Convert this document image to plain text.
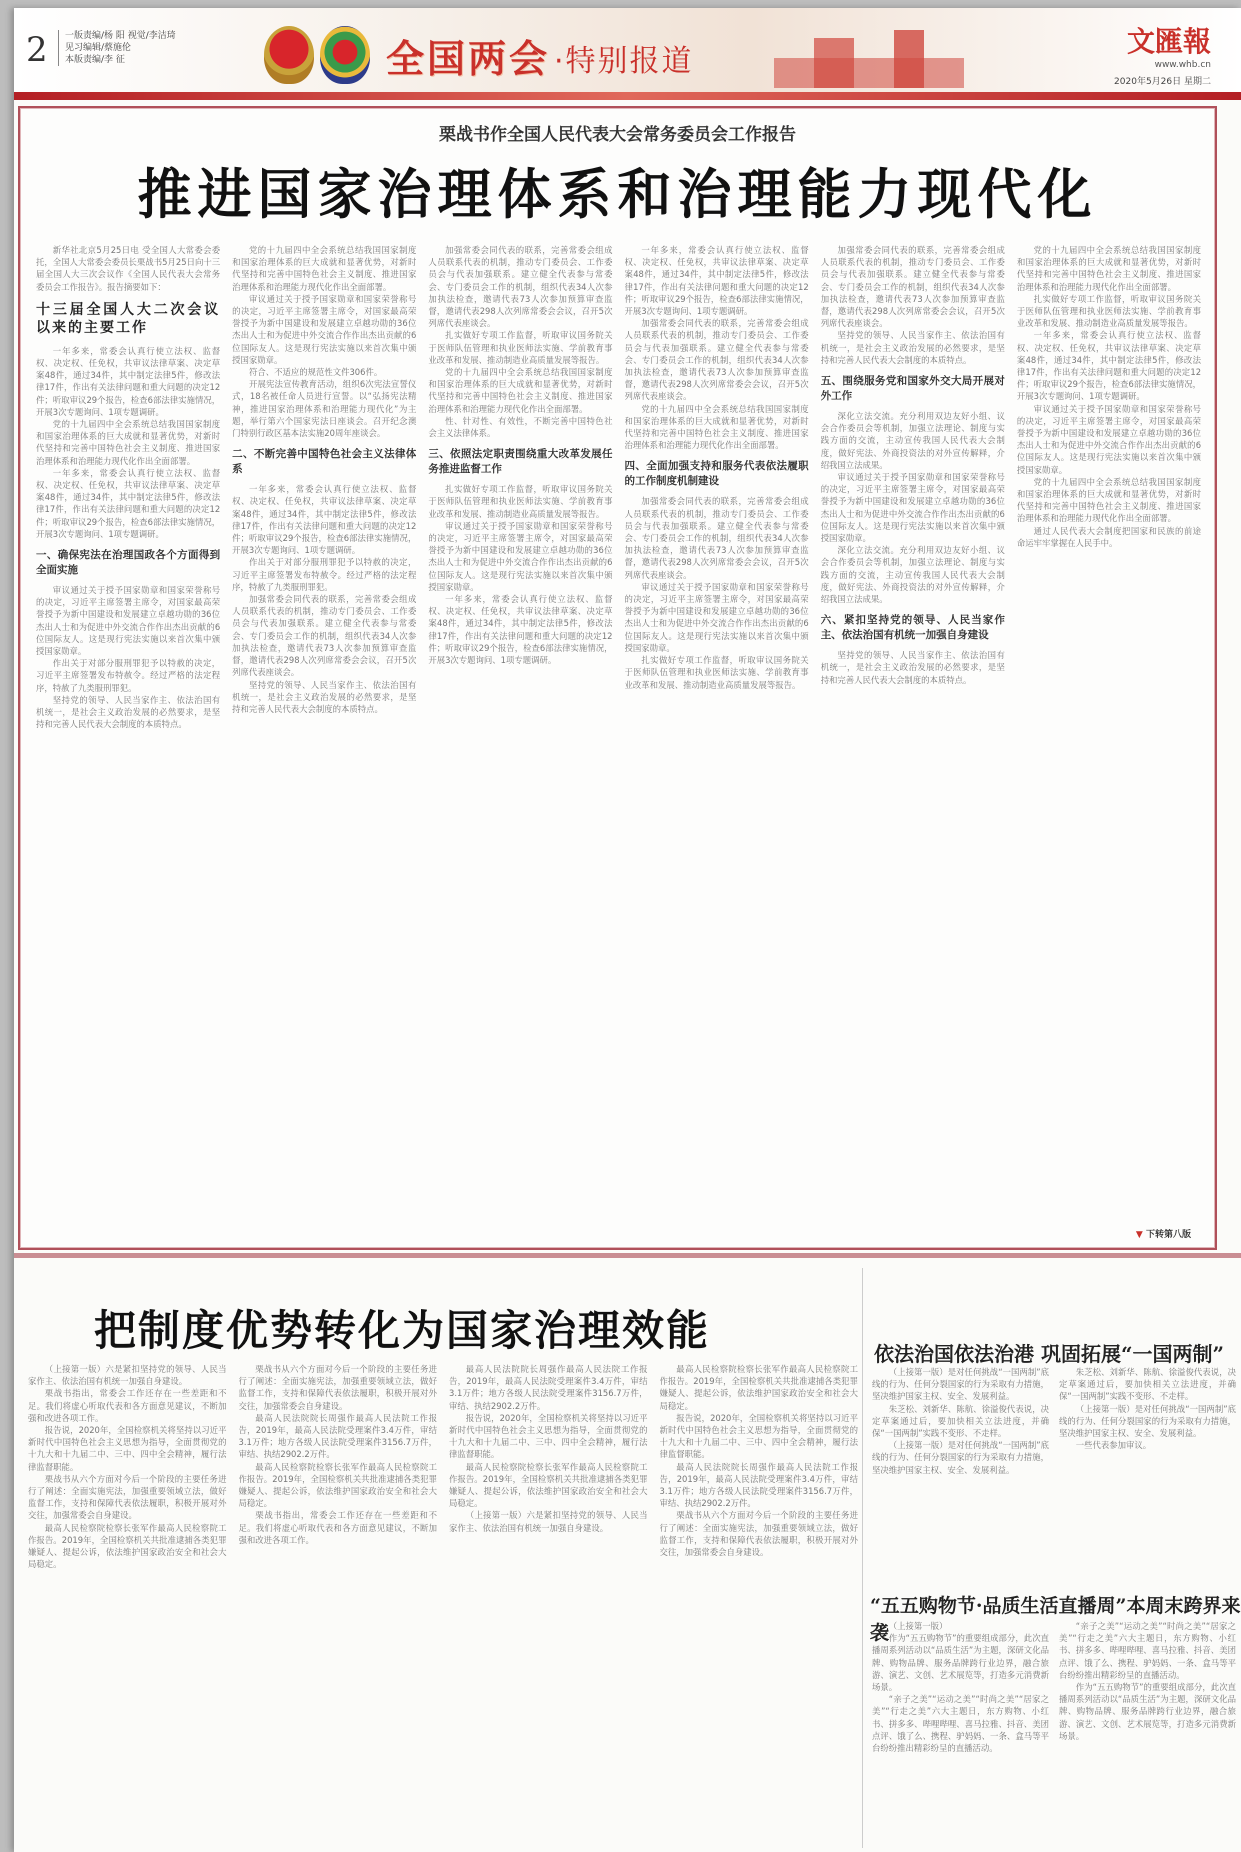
2 一版责编/杨 阳 视觉/李洁琦
见习编辑/蔡施伦
本版责编/李 征	全国两会 ·特别报道
文匯報
www.whb.cn
2020年5月26日 星期二
栗战书作全国人民代表大会常务委员会工作报告
推进国家治理体系和治理能力现代化

新华社北京5月25日电 受全国人大常委会委托，全国人大常委会委员长栗战书5月25日向十三届全国人大三次会议作《全国人民代表大会常务委员会工作报告》。报告摘要如下：

十三届全国人大二次会议以来的主要工作

一年多来，常委会认真行使立法权、监督权、决定权、任免权，共审议法律草案、决定草案48件，通过34件，其中制定法律5件，修改法律17件，作出有关法律问题和重大问题的决定12件；听取审议29个报告，检查6部法律实施情况，开展3次专题询问、1项专题调研。

党的十九届四中全会系统总结我国国家制度和国家治理体系的巨大成就和显著优势，对新时代坚持和完善中国特色社会主义制度、推进国家治理体系和治理能力现代化作出全面部署。

一年多来，常委会认真行使立法权、监督权、决定权、任免权，共审议法律草案、决定草案48件，通过34件，其中制定法律5件，修改法律17件，作出有关法律问题和重大问题的决定12件；听取审议29个报告，检查6部法律实施情况，开展3次专题询问、1项专题调研。

一、确保宪法在治理国政各个方面得到全面实施

审议通过关于授予国家勋章和国家荣誉称号的决定，习近平主席签署主席令，对国家最高荣誉授予为新中国建设和发展建立卓越功勋的36位杰出人士和为促进中外交流合作作出杰出贡献的6位国际友人。这是现行宪法实施以来首次集中颁授国家勋章。

作出关于对部分服刑罪犯予以特赦的决定，习近平主席签署发布特赦令。经过严格的法定程序，特赦了九类服刑罪犯。

坚持党的领导、人民当家作主、依法治国有机统一，是社会主义政治发展的必然要求，是坚持和完善人民代表大会制度的本质特点。

党的十九届四中全会系统总结我国国家制度和国家治理体系的巨大成就和显著优势，对新时代坚持和完善中国特色社会主义制度、推进国家治理体系和治理能力现代化作出全面部署。

审议通过关于授予国家勋章和国家荣誉称号的决定，习近平主席签署主席令，对国家最高荣誉授予为新中国建设和发展建立卓越功勋的36位杰出人士和为促进中外交流合作作出杰出贡献的6位国际友人。这是现行宪法实施以来首次集中颁授国家勋章。

符合、不适应的规范性文件306件。

开展宪法宣传教育活动，组织6次宪法宣誓仪式，18名被任命人员进行宣誓。以“弘扬宪法精神，推进国家治理体系和治理能力现代化”为主题，举行第六个国家宪法日座谈会。召开纪念澳门特别行政区基本法实施20周年座谈会。

二、不断完善中国特色社会主义法律体系

一年多来，常委会认真行使立法权、监督权、决定权、任免权，共审议法律草案、决定草案48件，通过34件，其中制定法律5件，修改法律17件，作出有关法律问题和重大问题的决定12件；听取审议29个报告，检查6部法律实施情况，开展3次专题询问、1项专题调研。

作出关于对部分服刑罪犯予以特赦的决定，习近平主席签署发布特赦令。经过严格的法定程序，特赦了九类服刑罪犯。

加强常委会同代表的联系，完善常委会组成人员联系代表的机制，推动专门委员会、工作委员会与代表加强联系。建立健全代表参与常委会、专门委员会工作的机制，组织代表34人次参加执法检查，邀请代表73人次参加预算审查监督，邀请代表298人次列席常委会会议，召开5次列席代表座谈会。

坚持党的领导、人民当家作主、依法治国有机统一，是社会主义政治发展的必然要求，是坚持和完善人民代表大会制度的本质特点。

加强常委会同代表的联系，完善常委会组成人员联系代表的机制，推动专门委员会、工作委员会与代表加强联系。建立健全代表参与常委会、专门委员会工作的机制，组织代表34人次参加执法检查，邀请代表73人次参加预算审查监督，邀请代表298人次列席常委会会议，召开5次列席代表座谈会。

扎实做好专项工作监督，听取审议国务院关于医师队伍管理和执业医师法实施、学前教育事业改革和发展、推动制造业高质量发展等报告。

党的十九届四中全会系统总结我国国家制度和国家治理体系的巨大成就和显著优势，对新时代坚持和完善中国特色社会主义制度、推进国家治理体系和治理能力现代化作出全面部署。

性、针对性、有效性，不断完善中国特色社会主义法律体系。

三、依照法定职责围绕重大改革发展任务推进监督工作

扎实做好专项工作监督，听取审议国务院关于医师队伍管理和执业医师法实施、学前教育事业改革和发展、推动制造业高质量发展等报告。

审议通过关于授予国家勋章和国家荣誉称号的决定，习近平主席签署主席令，对国家最高荣誉授予为新中国建设和发展建立卓越功勋的36位杰出人士和为促进中外交流合作作出杰出贡献的6位国际友人。这是现行宪法实施以来首次集中颁授国家勋章。

一年多来，常委会认真行使立法权、监督权、决定权、任免权，共审议法律草案、决定草案48件，通过34件，其中制定法律5件，修改法律17件，作出有关法律问题和重大问题的决定12件；听取审议29个报告，检查6部法律实施情况，开展3次专题询问、1项专题调研。

一年多来，常委会认真行使立法权、监督权、决定权、任免权，共审议法律草案、决定草案48件，通过34件，其中制定法律5件，修改法律17件，作出有关法律问题和重大问题的决定12件；听取审议29个报告，检查6部法律实施情况，开展3次专题询问、1项专题调研。

加强常委会同代表的联系，完善常委会组成人员联系代表的机制，推动专门委员会、工作委员会与代表加强联系。建立健全代表参与常委会、专门委员会工作的机制，组织代表34人次参加执法检查，邀请代表73人次参加预算审查监督，邀请代表298人次列席常委会会议，召开5次列席代表座谈会。

党的十九届四中全会系统总结我国国家制度和国家治理体系的巨大成就和显著优势，对新时代坚持和完善中国特色社会主义制度、推进国家治理体系和治理能力现代化作出全面部署。

四、全面加强支持和服务代表依法履职的工作制度机制建设

加强常委会同代表的联系，完善常委会组成人员联系代表的机制，推动专门委员会、工作委员会与代表加强联系。建立健全代表参与常委会、专门委员会工作的机制，组织代表34人次参加执法检查，邀请代表73人次参加预算审查监督，邀请代表298人次列席常委会会议，召开5次列席代表座谈会。

审议通过关于授予国家勋章和国家荣誉称号的决定，习近平主席签署主席令，对国家最高荣誉授予为新中国建设和发展建立卓越功勋的36位杰出人士和为促进中外交流合作作出杰出贡献的6位国际友人。这是现行宪法实施以来首次集中颁授国家勋章。

扎实做好专项工作监督，听取审议国务院关于医师队伍管理和执业医师法实施、学前教育事业改革和发展、推动制造业高质量发展等报告。

加强常委会同代表的联系，完善常委会组成人员联系代表的机制，推动专门委员会、工作委员会与代表加强联系。建立健全代表参与常委会、专门委员会工作的机制，组织代表34人次参加执法检查，邀请代表73人次参加预算审查监督，邀请代表298人次列席常委会会议，召开5次列席代表座谈会。

坚持党的领导、人民当家作主、依法治国有机统一，是社会主义政治发展的必然要求，是坚持和完善人民代表大会制度的本质特点。

五、围绕服务党和国家外交大局开展对外工作

深化立法交流。充分利用双边友好小组、议会合作委员会等机制，加强立法理论、制度与实践方面的交流，主动宣传我国人民代表大会制度，做好宪法、外商投资法的对外宣传解释，介绍我国立法成果。

审议通过关于授予国家勋章和国家荣誉称号的决定，习近平主席签署主席令，对国家最高荣誉授予为新中国建设和发展建立卓越功勋的36位杰出人士和为促进中外交流合作作出杰出贡献的6位国际友人。这是现行宪法实施以来首次集中颁授国家勋章。

深化立法交流。充分利用双边友好小组、议会合作委员会等机制，加强立法理论、制度与实践方面的交流，主动宣传我国人民代表大会制度，做好宪法、外商投资法的对外宣传解释，介绍我国立法成果。

六、紧扣坚持党的领导、人民当家作主、依法治国有机统一加强自身建设

坚持党的领导、人民当家作主、依法治国有机统一，是社会主义政治发展的必然要求，是坚持和完善人民代表大会制度的本质特点。

党的十九届四中全会系统总结我国国家制度和国家治理体系的巨大成就和显著优势，对新时代坚持和完善中国特色社会主义制度、推进国家治理体系和治理能力现代化作出全面部署。

扎实做好专项工作监督，听取审议国务院关于医师队伍管理和执业医师法实施、学前教育事业改革和发展、推动制造业高质量发展等报告。

一年多来，常委会认真行使立法权、监督权、决定权、任免权，共审议法律草案、决定草案48件，通过34件，其中制定法律5件，修改法律17件，作出有关法律问题和重大问题的决定12件；听取审议29个报告，检查6部法律实施情况，开展3次专题询问、1项专题调研。

审议通过关于授予国家勋章和国家荣誉称号的决定，习近平主席签署主席令，对国家最高荣誉授予为新中国建设和发展建立卓越功勋的36位杰出人士和为促进中外交流合作作出杰出贡献的6位国际友人。这是现行宪法实施以来首次集中颁授国家勋章。

党的十九届四中全会系统总结我国国家制度和国家治理体系的巨大成就和显著优势，对新时代坚持和完善中国特色社会主义制度、推进国家治理体系和治理能力现代化作出全面部署。

通过人民代表大会制度把国家和民族的前途命运牢牢掌握在人民手中。

▼ 下转第八版
把制度优势转化为国家治理效能

（上接第一版）六是紧扣坚持党的领导、人民当家作主、依法治国有机统一加强自身建设。

栗战书指出，常委会工作还存在一些差距和不足。我们将虚心听取代表和各方面意见建议，不断加强和改进各项工作。

报告说，2020年，全国检察机关将坚持以习近平新时代中国特色社会主义思想为指导，全面贯彻党的十九大和十九届二中、三中、四中全会精神，履行法律监督职能。

栗战书从六个方面对今后一个阶段的主要任务进行了阐述：全面实施宪法，加强重要领域立法，做好监督工作，支持和保障代表依法履职，积极开展对外交往，加强常委会自身建设。

最高人民检察院检察长张军作最高人民检察院工作报告。2019年，全国检察机关共批准逮捕各类犯罪嫌疑人、提起公诉，依法维护国家政治安全和社会大局稳定。

栗战书从六个方面对今后一个阶段的主要任务进行了阐述：全面实施宪法，加强重要领域立法，做好监督工作，支持和保障代表依法履职，积极开展对外交往，加强常委会自身建设。

最高人民法院院长周强作最高人民法院工作报告，2019年，最高人民法院受理案件3.4万件，审结3.1万件；地方各级人民法院受理案件3156.7万件，审结、执结2902.2万件。

最高人民检察院检察长张军作最高人民检察院工作报告。2019年，全国检察机关共批准逮捕各类犯罪嫌疑人、提起公诉，依法维护国家政治安全和社会大局稳定。

栗战书指出，常委会工作还存在一些差距和不足。我们将虚心听取代表和各方面意见建议，不断加强和改进各项工作。

最高人民法院院长周强作最高人民法院工作报告，2019年，最高人民法院受理案件3.4万件，审结3.1万件；地方各级人民法院受理案件3156.7万件，审结、执结2902.2万件。

报告说，2020年，全国检察机关将坚持以习近平新时代中国特色社会主义思想为指导，全面贯彻党的十九大和十九届二中、三中、四中全会精神，履行法律监督职能。

最高人民检察院检察长张军作最高人民检察院工作报告。2019年，全国检察机关共批准逮捕各类犯罪嫌疑人、提起公诉，依法维护国家政治安全和社会大局稳定。

（上接第一版）六是紧扣坚持党的领导、人民当家作主、依法治国有机统一加强自身建设。

最高人民检察院检察长张军作最高人民检察院工作报告。2019年，全国检察机关共批准逮捕各类犯罪嫌疑人、提起公诉，依法维护国家政治安全和社会大局稳定。

报告说，2020年，全国检察机关将坚持以习近平新时代中国特色社会主义思想为指导，全面贯彻党的十九大和十九届二中、三中、四中全会精神，履行法律监督职能。

最高人民法院院长周强作最高人民法院工作报告，2019年，最高人民法院受理案件3.4万件，审结3.1万件；地方各级人民法院受理案件3156.7万件，审结、执结2902.2万件。

栗战书从六个方面对今后一个阶段的主要任务进行了阐述：全面实施宪法，加强重要领域立法，做好监督工作，支持和保障代表依法履职，积极开展对外交往，加强常委会自身建设。

依法治国依法治港 巩固拓展“一国两制”

（上接第一版）是对任何挑战“一国两制”底线的行为、任何分裂国家的行为采取有力措施，坚决维护国家主权、安全、发展利益。

朱芝松、刘新华、陈航、徐溢俊代表说，决定草案通过后，要加快相关立法进度，并确保“一国两制”实践不变形、不走样。

（上接第一版）是对任何挑战“一国两制”底线的行为、任何分裂国家的行为采取有力措施，坚决维护国家主权、安全、发展利益。

朱芝松、刘新华、陈航、徐溢俊代表说，决定草案通过后，要加快相关立法进度，并确保“一国两制”实践不变形、不走样。

（上接第一版）是对任何挑战“一国两制”底线的行为、任何分裂国家的行为采取有力措施，坚决维护国家主权、安全、发展利益。

一些代表参加审议。

“五五购物节·品质生活直播周”本周末跨界来袭 （上接第一版）

作为“五五购物节”的重要组成部分，此次直播周系列活动以“品质生活”为主题，深研文化品牌、购物品牌、服务品牌跨行业边界，融合旅游、演艺、文创、艺术展览等，打造多元消费新场景。

“亲子之美”“运动之美”“时尚之美”“居家之美”“行走之美”六大主题日，东方购物、小红书、拼多多、哔哩哔哩、喜马拉雅、抖音、美团点评、饿了么、携程、驴妈妈、一条、盒马等平台纷纷推出精彩纷呈的直播活动。

“亲子之美”“运动之美”“时尚之美”“居家之美”“行走之美”六大主题日，东方购物、小红书、拼多多、哔哩哔哩、喜马拉雅、抖音、美团点评、饿了么、携程、驴妈妈、一条、盒马等平台纷纷推出精彩纷呈的直播活动。

作为“五五购物节”的重要组成部分，此次直播周系列活动以“品质生活”为主题，深研文化品牌、购物品牌、服务品牌跨行业边界，融合旅游、演艺、文创、艺术展览等，打造多元消费新场景。
